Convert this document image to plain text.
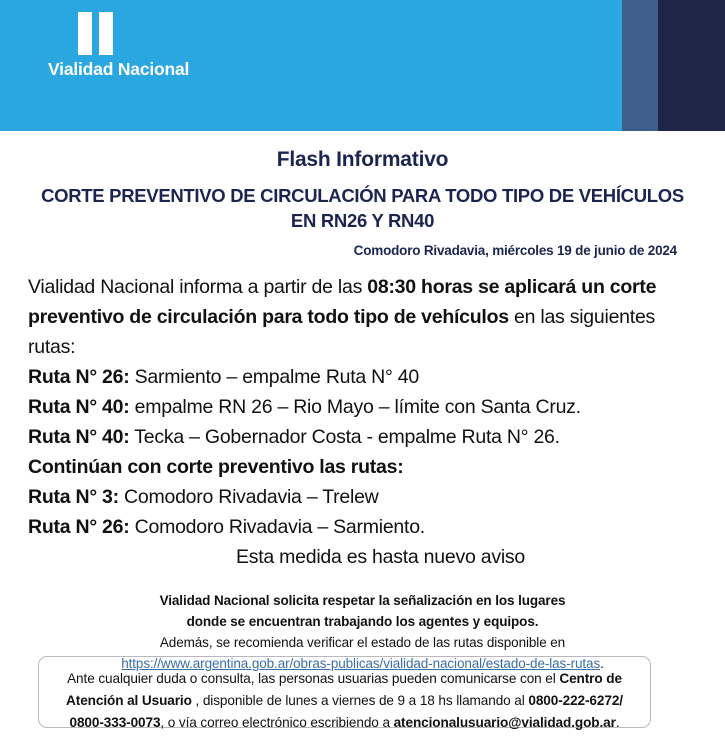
Vialidad Nacional
Flash Informativo
CORTE PREVENTIVO DE CIRCULACIÓN PARA TODO TIPO DE VEHÍCULOS
EN RN26 Y RN40
Comodoro Rivadavia, miércoles 19 de junio de 2024
Vialidad Nacional informa a partir de las 08:30 horas se aplicará un corte preventivo de circulación para todo tipo de vehículos en las siguientes rutas:
Ruta N° 26: Sarmiento – empalme Ruta N° 40
Ruta N° 40: empalme RN 26 – Rio Mayo – límite con Santa Cruz.
Ruta N° 40: Tecka – Gobernador Costa - empalme Ruta N° 26.
Continúan con corte preventivo las rutas:
Ruta N° 3: Comodoro Rivadavia – Trelew
Ruta N° 26: Comodoro Rivadavia – Sarmiento.
Esta medida es hasta nuevo aviso
Vialidad Nacional solicita respetar la señalización en los lugares
donde se encuentran trabajando los agentes y equipos.
Además, se recomienda verificar el estado de las rutas disponible en
https://www.argentina.gob.ar/obras-publicas/vialidad-nacional/estado-de-las-rutas.
Ante cualquier duda o consulta, las personas usuarias pueden comunicarse con el Centro de Atención al Usuario , disponible de lunes a viernes de 9 a 18 hs llamando al 0800-222-6272/ 0800-333-0073, o vía correo electrónico escribiendo a atencionalusuario@vialidad.gob.ar.
